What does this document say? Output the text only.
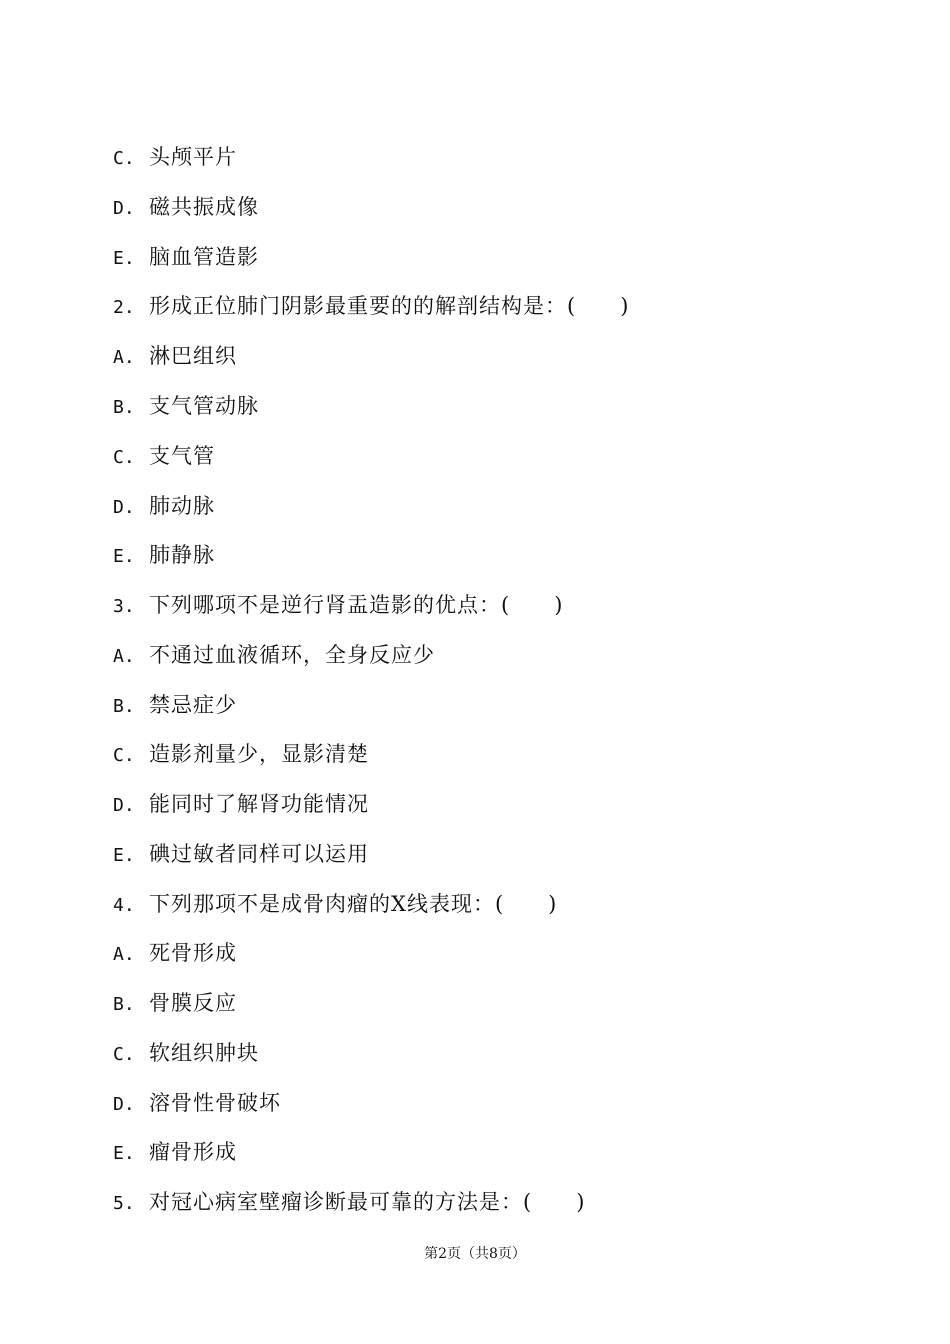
C. 头颅平片
D. 磁共振成像
E. 脑血管造影
2. 形成正位肺门阴影最重要的的解剖结构是：(　　)
A. 淋巴组织
B. 支气管动脉
C. 支气管
D. 肺动脉
E. 肺静脉
3. 下列哪项不是逆行肾盂造影的优点：(　　)
A. 不通过血液循环，全身反应少
B. 禁忌症少
C. 造影剂量少，显影清楚
D. 能同时了解肾功能情况
E. 碘过敏者同样可以运用
4. 下列那项不是成骨肉瘤的X线表现：(　　)
A. 死骨形成
B. 骨膜反应
C. 软组织肿块
D. 溶骨性骨破坏
E. 瘤骨形成
5. 对冠心病室壁瘤诊断最可靠的方法是：(　　)
第2页（共8页）
